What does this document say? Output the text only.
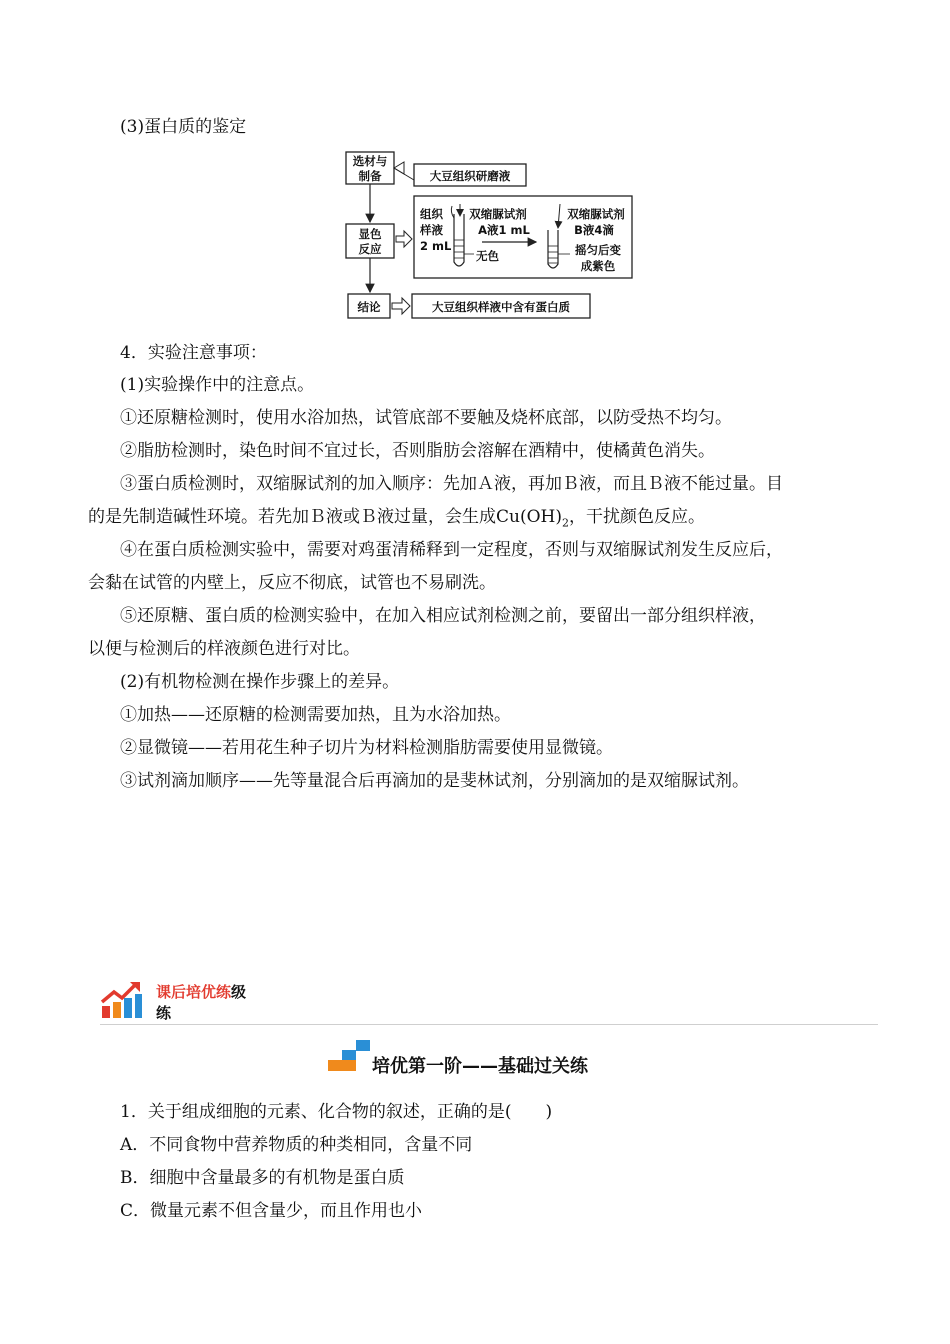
(3)蛋白质的鉴定
选材与
制备
显色
反应
结论
大豆组织研磨液
组织
样液
2 mL
双缩脲试剂
A液1 mL
无色
双缩脲试剂
B液4滴
摇匀后变
成紫色
大豆组织样液中含有蛋白质
4．实验注意事项：
(1)实验操作中的注意点。
①还原糖检测时，使用水浴加热，试管底部不要触及烧杯底部，以防受热不均匀。
②脂肪检测时，染色时间不宜过长，否则脂肪会溶解在酒精中，使橘黄色消失。
③蛋白质检测时，双缩脲试剂的加入顺序：先加Ａ液，再加Ｂ液，而且Ｂ液不能过量。目
的是先制造碱性环境。若先加Ｂ液或Ｂ液过量，会生成$Cu(OH)_2$，干扰颜色反应。
④在蛋白质检测实验中，需要对鸡蛋清稀释到一定程度，否则与双缩脲试剂发生反应后，
会黏在试管的内壁上，反应不彻底，试管也不易刷洗。
⑤还原糖、蛋白质的检测实验中，在加入相应试剂检测之前，要留出一部分组织样液，
以便与检测后的样液颜色进行对比。
(2)有机物检测在操作步骤上的差异。
①加热——还原糖的检测需要加热，且为水浴加热。
②显微镜——若用花生种子切片为材料检测脂肪需要使用显微镜。
③试剂滴加顺序——先等量混合后再滴加的是斐林试剂，分别滴加的是双缩脲试剂。
课后培优练级
练
培优第一阶——基础过关练
1．关于组成细胞的元素、化合物的叙述，正确的是(　　)
A．不同食物中营养物质的种类相同，含量不同
B．细胞中含量最多的有机物是蛋白质
C．微量元素不但含量少，而且作用也小
